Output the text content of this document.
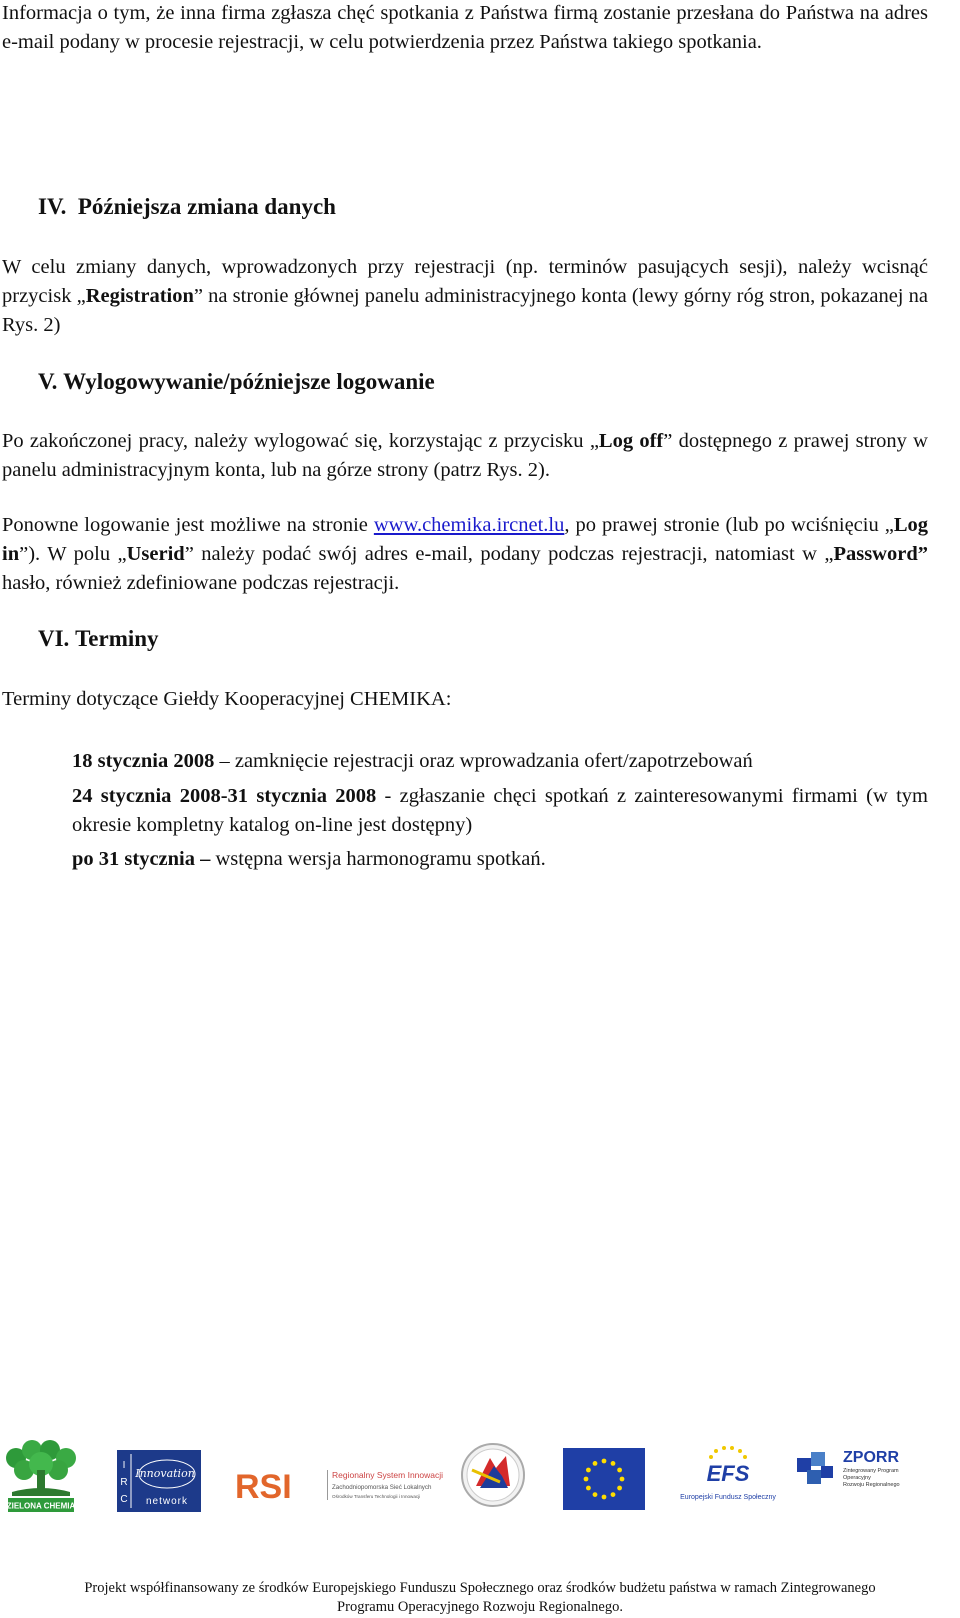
Informacja o tym, że inna firma zgłasza chęć spotkania z Państwa firmą zostanie przesłana do Państwa na adres e-mail podany w procesie rejestracji, w celu potwierdzenia przez Państwa takiego spotkania.

IV. Późniejsza zmiana danych

W celu zmiany danych, wprowadzonych przy rejestracji (np. terminów pasujących sesji), należy wcisnąć przycisk „Registration” na stronie głównej panelu administracyjnego konta (lewy górny róg stron, pokazanej na Rys. 2)

V. Wylogowywanie/późniejsze logowanie

Po zakończonej pracy, należy wylogować się, korzystając z przycisku „Log off” dostępnego z prawej strony w panelu administracyjnym konta, lub na górze strony (patrz Rys. 2).

Ponowne logowanie jest możliwe na stronie www.chemika.ircnet.lu, po prawej stronie (lub po wciśnięciu „Log in”). W polu „Userid” należy podać swój adres e-mail, podany podczas rejestracji, natomiast w „Password” hasło, również zdefiniowane podczas rejestracji.

VI. Terminy

Terminy dotyczące Giełdy Kooperacyjnej CHEMIKA:

18 stycznia 2008 – zamknięcie rejestracji oraz wprowadzania ofert/zapotrzebowań

24 stycznia 2008-31 stycznia 2008 - zgłaszanie chęci spotkań z zainteresowanymi firmami (w tym okresie kompletny katalog on-line jest dostępny)

po 31 stycznia – wstępna wersja harmonogramu spotkań.

ZIELONA CHEMIA
I
R
C
Innovation
network RSI	Regionalny System Innowacji
Zachodniopomorska Sieć Lokalnych
Ośrodków Transferu Technologii i Innowacji
EFS
Europejski Fundusz Społeczny
ZPORR
Zintegrowany Program
Operacyjny
Rozwoju Regionalnego
Projekt współfinansowany ze środków Europejskiego Funduszu Społecznego oraz środków budżetu państwa w ramach Zintegrowanego
Programu Operacyjnego Rozwoju Regionalnego.
